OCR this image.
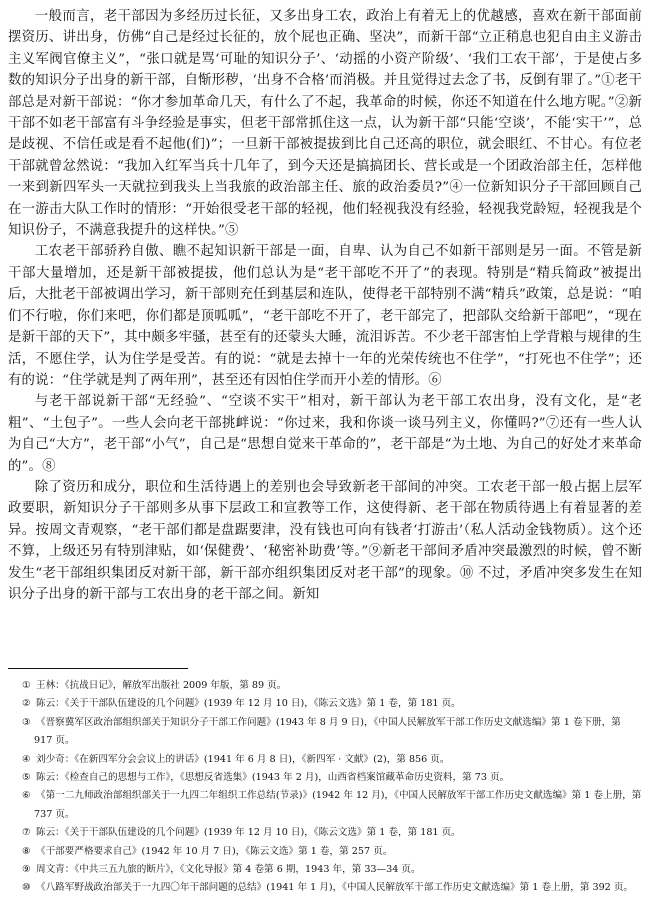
一般而言，老干部因为多经历过长征，又多出身工农，政治上有着无上的优越感，喜欢在新干部面前摆资历、讲出身，仿佛“自己是经过长征的，放个屁也正确、坚决”，而新干部“立正稍息也犯自由主义游击主义军阀官僚主义”，“张口就是骂‘可耻的知识分子’、‘动摇的小资产阶级’、‘我们工农干部’，于是使占多数的知识分子出身的新干部，自惭形秽，‘出身不合格’而消极。并且觉得过去念了书，反倒有罪了。”①老干部总是对新干部说：“你才参加革命几天，有什么了不起，我革命的时候，你还不知道在什么地方呢。”②新干部不如老干部富有斗争经验是事实，但老干部常抓住这一点，认为新干部“只能‘空谈’，不能‘实干’”，总是歧视、不信任或是看不起他(们)”；一旦新干部被提拔到比自己还高的职位，就会眼红、不甘心。有位老干部就曾忿然说：“我加入红军当兵十几年了，到今天还是搞搞团长、营长或是一个团政治部主任，怎样他一来到新四军头一天就拉到我头上当我旅的政治部主任、旅的政治委员?”④一位新知识分子干部回顾自己在一游击大队工作时的情形：“开始很受老干部的轻视，他们轻视我没有经验，轻视我党龄短，轻视我是个知识份子，不满意我提升的这样快。”⑤

工农老干部骄矜自傲、瞧不起知识新干部是一面，自卑、认为自己不如新干部则是另一面。不管是新干部大量增加，还是新干部被提拔，他们总认为是“老干部吃不开了”的表现。特别是“精兵简政”被提出后，大批老干部被调出学习，新干部则充任到基层和连队，使得老干部特别不满“精兵”政策，总是说：“咱们不行啦，你们来吧，你们都是顶呱呱”，“老干部吃不开了，老干部完了，把部队交给新干部吧”，“现在是新干部的天下”，其中颇多牢骚，甚至有的还蒙头大睡，流泪诉苦。不少老干部害怕上学背粮与规律的生活，不愿住学，认为住学是受苦。有的说：“就是去掉十一年的光荣传统也不住学”，“打死也不住学”；还有的说：“住学就是判了两年刑”，甚至还有因怕住学而开小差的情形。⑥

与老干部说新干部“无经验”、“空谈不实干”相对，新干部认为老干部工农出身，没有文化，是“老粗”、“土包子”。一些人会向老干部挑衅说：“你过来，我和你谈一谈马列主义，你懂吗?”⑦还有一些人认为自己“大方”，老干部“小气”，自己是“思想自觉来干革命的”，老干部是“为土地、为自己的好处才来革命的”。⑧

除了资历和成分，职位和生活待遇上的差别也会导致新老干部间的冲突。工农老干部一般占据上层军政要职，新知识分子干部则多从事下层政工和宣教等工作，这使得新、老干部在物质待遇上有着显著的差异。按周文青观察，“老干部们都是盘踞要津，没有钱也可向有钱者‘打游击’（私人活动金钱物质）。这个还不算，上级还另有特别津贴，如‘保健费’、‘秘密补助费’等。”⑨新老干部间矛盾冲突最激烈的时候，曾不断发生“老干部组织集团反对新干部，新干部亦组织集团反对老干部”的现象。⑩ 不过，矛盾冲突多发生在知识分子出身的新干部与工农出身的老干部之间。新知

① 王林：《抗战日记》，解放军出版社 2009 年版，第 89 页。

② 陈云：《关于干部队伍建设的几个问题》(1939 年 12 月 10 日)，《陈云文选》第 1 卷，第 181 页。

③ 《晋察冀军区政治部组织部关于知识分子干部工作问题》(1943 年 8 月 9 日)，《中国人民解放军干部工作历史文献选编》第 1 卷下册，第 917 页。

④ 刘少奇：《在新四军分会会议上的讲话》(1941 年 6 月 8 日)，《新四军 · 文献》(2)，第 856 页。

⑤ 陈云：《检查自己的思想与工作》，《思想反省选集》(1943 年 2 月)，山西省档案馆藏革命历史资料，第 73 页。

⑥ 《第一二九师政治部组织部关于一九四二年组织工作总结(节录)》(1942 年 12 月)，《中国人民解放军干部工作历史文献选编》第 1 卷上册，第 737 页。

⑦ 陈云：《关于干部队伍建设的几个问题》(1939 年 12 月 10 日)，《陈云文选》第 1 卷，第 181 页。

⑧ 《干部要严格要求自己》(1942 年 10 月 7 日)，《陈云文选》第 1 卷，第 257 页。

⑨ 周文青：《中共三五九旅的断片》，《文化导报》第 4 卷第 6 期，1943 年，第 33—34 页。

⑩ 《八路军野战政治部关于一九四〇年干部问题的总结》(1941 年 1 月)，《中国人民解放军干部工作历史文献选编》第 1 卷上册，第 392 页。
